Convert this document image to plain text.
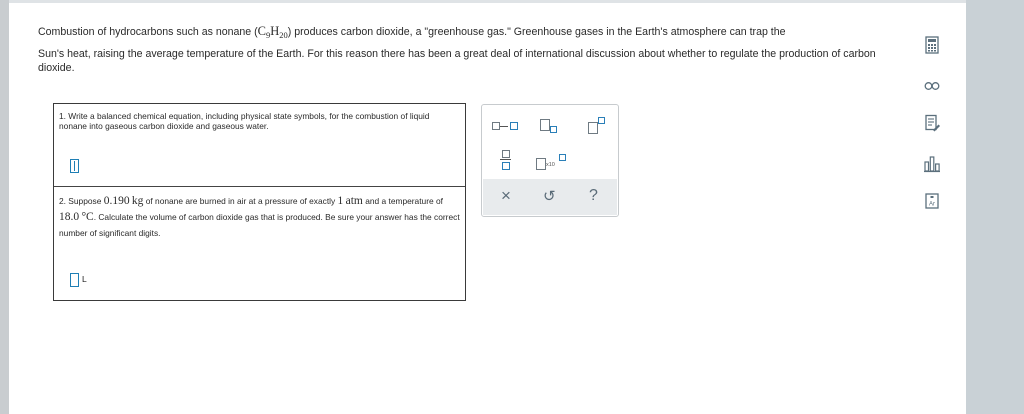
Combustion of hydrocarbons such as nonane $(C_9H_{20})$ produces carbon dioxide, a "greenhouse gas." Greenhouse gases in the Earth's atmosphere can trap the
Sun's heat, raising the average temperature of the Earth. For this reason there has been a great deal of international discussion about whether to regulate the production of carbon dioxide.
1. Write a balanced chemical equation, including physical state symbols, for the combustion of liquid nonane into gaseous carbon dioxide and gaseous water.
2. Suppose 0.190 kg of nonane are burned in air at a pressure of exactly 1 atm and a temperature of 18.0 °C. Calculate the volume of carbon dioxide gas that is produced. Be sure your answer has the correct number of significant digits.
L
x10
× ↺ ?
Ar
